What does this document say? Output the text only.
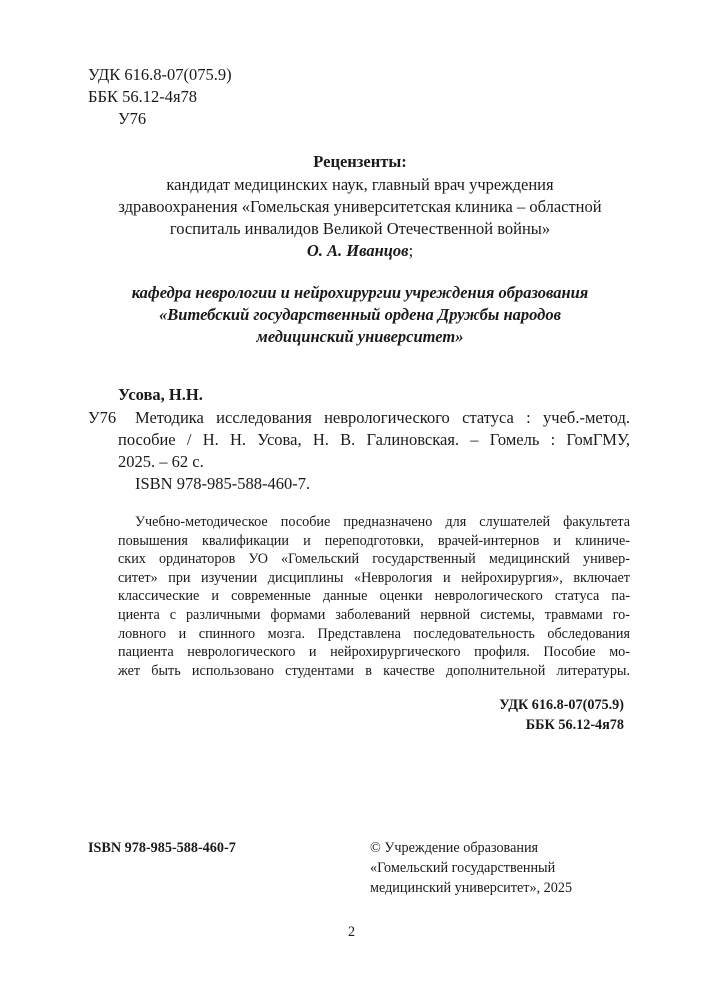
УДК 616.8-07(075.9)
ББК 56.12-4я78
У76
Рецензенты:
кандидат медицинских наук, главный врач учреждения
здравоохранения «Гомельская университетская клиника – областной
госпиталь инвалидов Великой Отечественной войны»
О. А. Иванцов;
кафедра неврологии и нейрохирургии учреждения образования
«Витебский государственный ордена Дружбы народов
медицинский университет»
Усова, Н.Н.
У76 Методика исследования неврологического статуса : учеб.-метод.
пособие / Н. Н. Усова, Н. В. Галиновская. – Гомель : ГомГМУ,
2025. – 62 с.
ISBN 978-985-588-460-7.
Учебно-методическое пособие предназначено для слушателей факультета
повышения квалификации и переподготовки, врачей-интернов и клиниче-
ских ординаторов УО «Гомельский государственный медицинский универ-
ситет» при изучении дисциплины «Неврология и нейрохирургия», включает
классические и современные данные оценки неврологического статуса па-
циента с различными формами заболеваний нервной системы, травмами го-
ловного и спинного мозга. Представлена последовательность обследования
пациента неврологического и нейрохирургического профиля. Пособие мо-
жет быть использовано студентами в качестве дополнительной литературы.
УДК 616.8-07(075.9)
ББК 56.12-4я78
ISBN 978-985-588-460-7	© Учреждение образования
«Гомельский государственный
медицинский университет», 2025
2
